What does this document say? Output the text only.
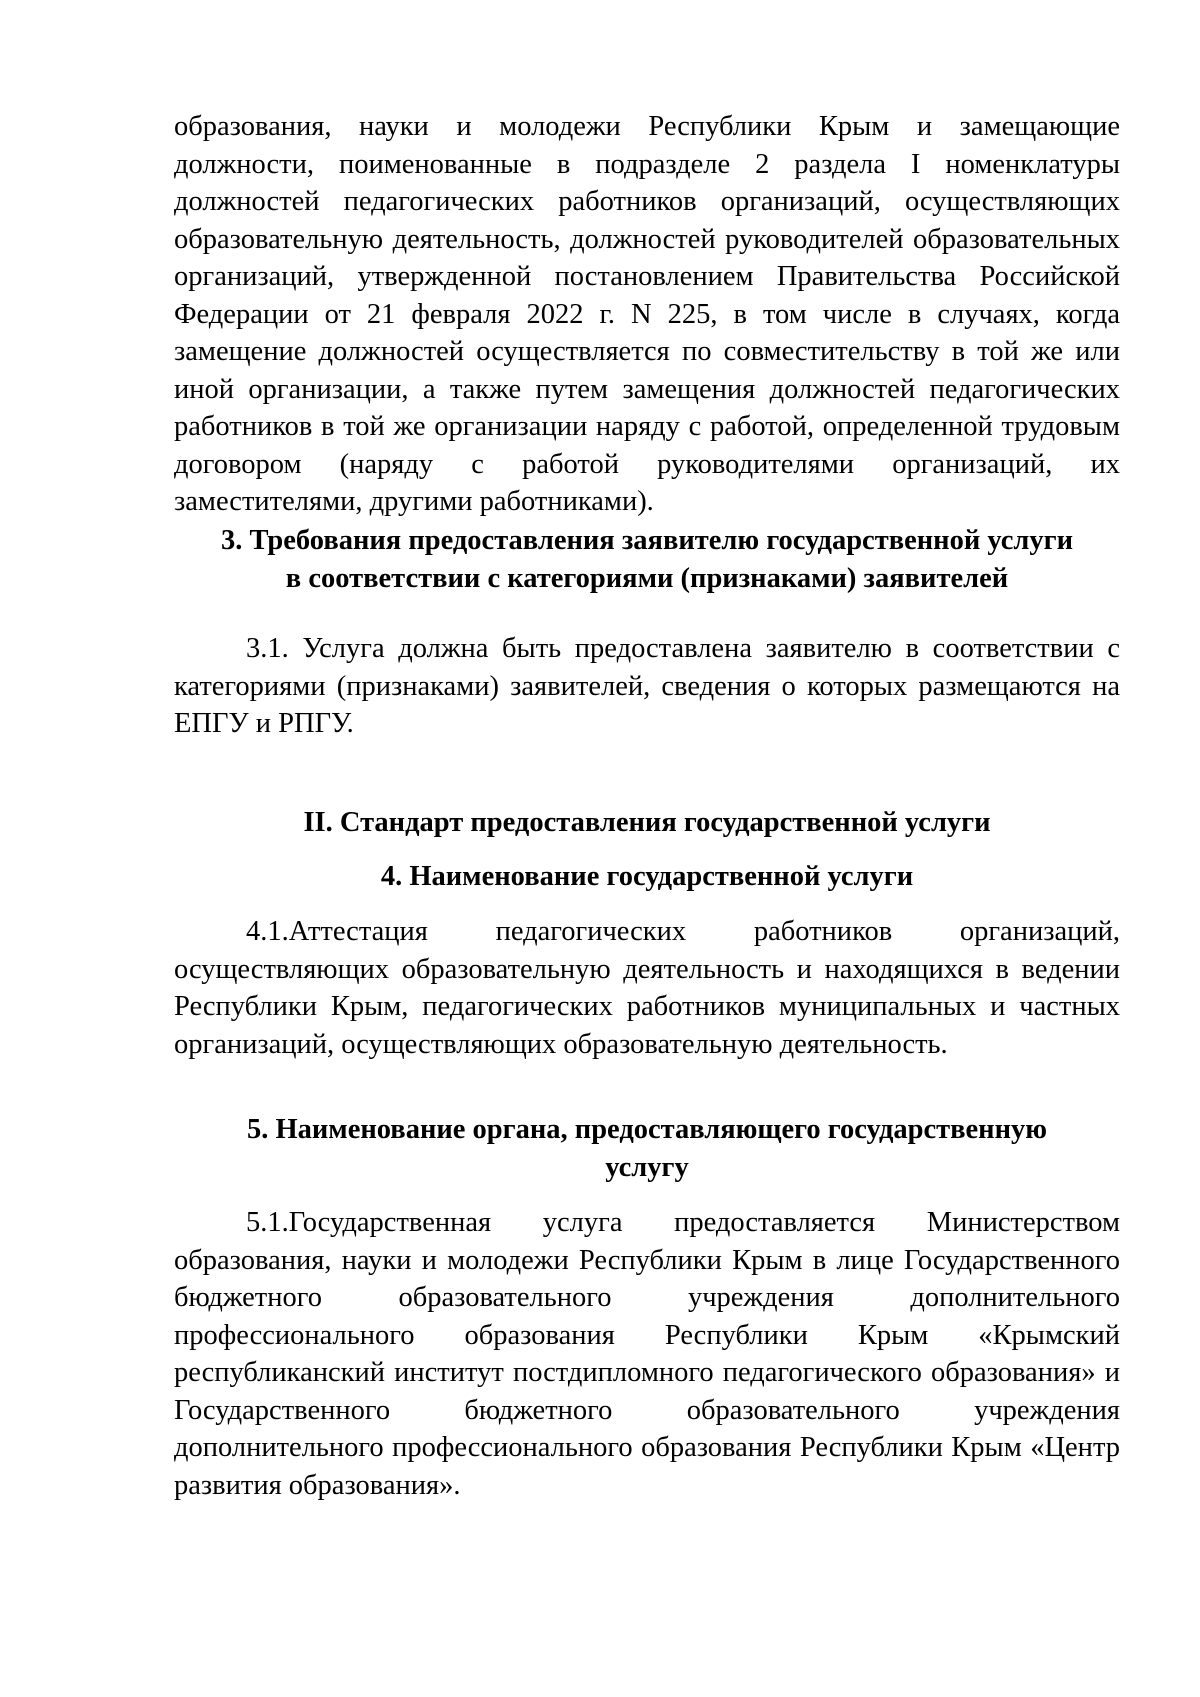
образования, науки и молодежи Республики Крым и замещающие должности, поименованные в подразделе 2 раздела I номенклатуры должностей педагогических работников организаций, осуществляющих образовательную деятельность, должностей руководителей образовательных организаций, утвержденной постановлением Правительства Российской Федерации от 21 февраля 2022 г. N 225, в том числе в случаях, когда замещение должностей осуществляется по совместительству в той же или иной организации, а также путем замещения должностей педагогических работников в той же организации наряду с работой, определенной трудовым договором (наряду с работой руководителями организаций, их заместителями, другими работниками).

3. Требования предоставления заявителю государственной услуги
в соответствии с категориями (признаками) заявителей

3.1. Услуга должна быть предоставлена заявителю в соответствии с категориями (признаками) заявителей, сведения о которых размещаются на ЕПГУ и РПГУ.

II. Стандарт предоставления государственной услуги
4. Наименование государственной услуги

4.1.Аттестация педагогических работников организаций, осуществляющих образовательную деятельность и находящихся в ведении Республики Крым, педагогических работников муниципальных и частных организаций, осуществляющих образовательную деятельность.

5. Наименование органа, предоставляющего государственную
услугу

5.1.Государственная услуга предоставляется Министерством образования, науки и молодежи Республики Крым в лице Государственного бюджетного образовательного учреждения дополнительного профессионального образования Республики Крым «Крымский республиканский институт постдипломного педагогического образования» и Государственного бюджетного образовательного учреждения дополнительного профессионального образования Республики Крым «Центр развития образования».
